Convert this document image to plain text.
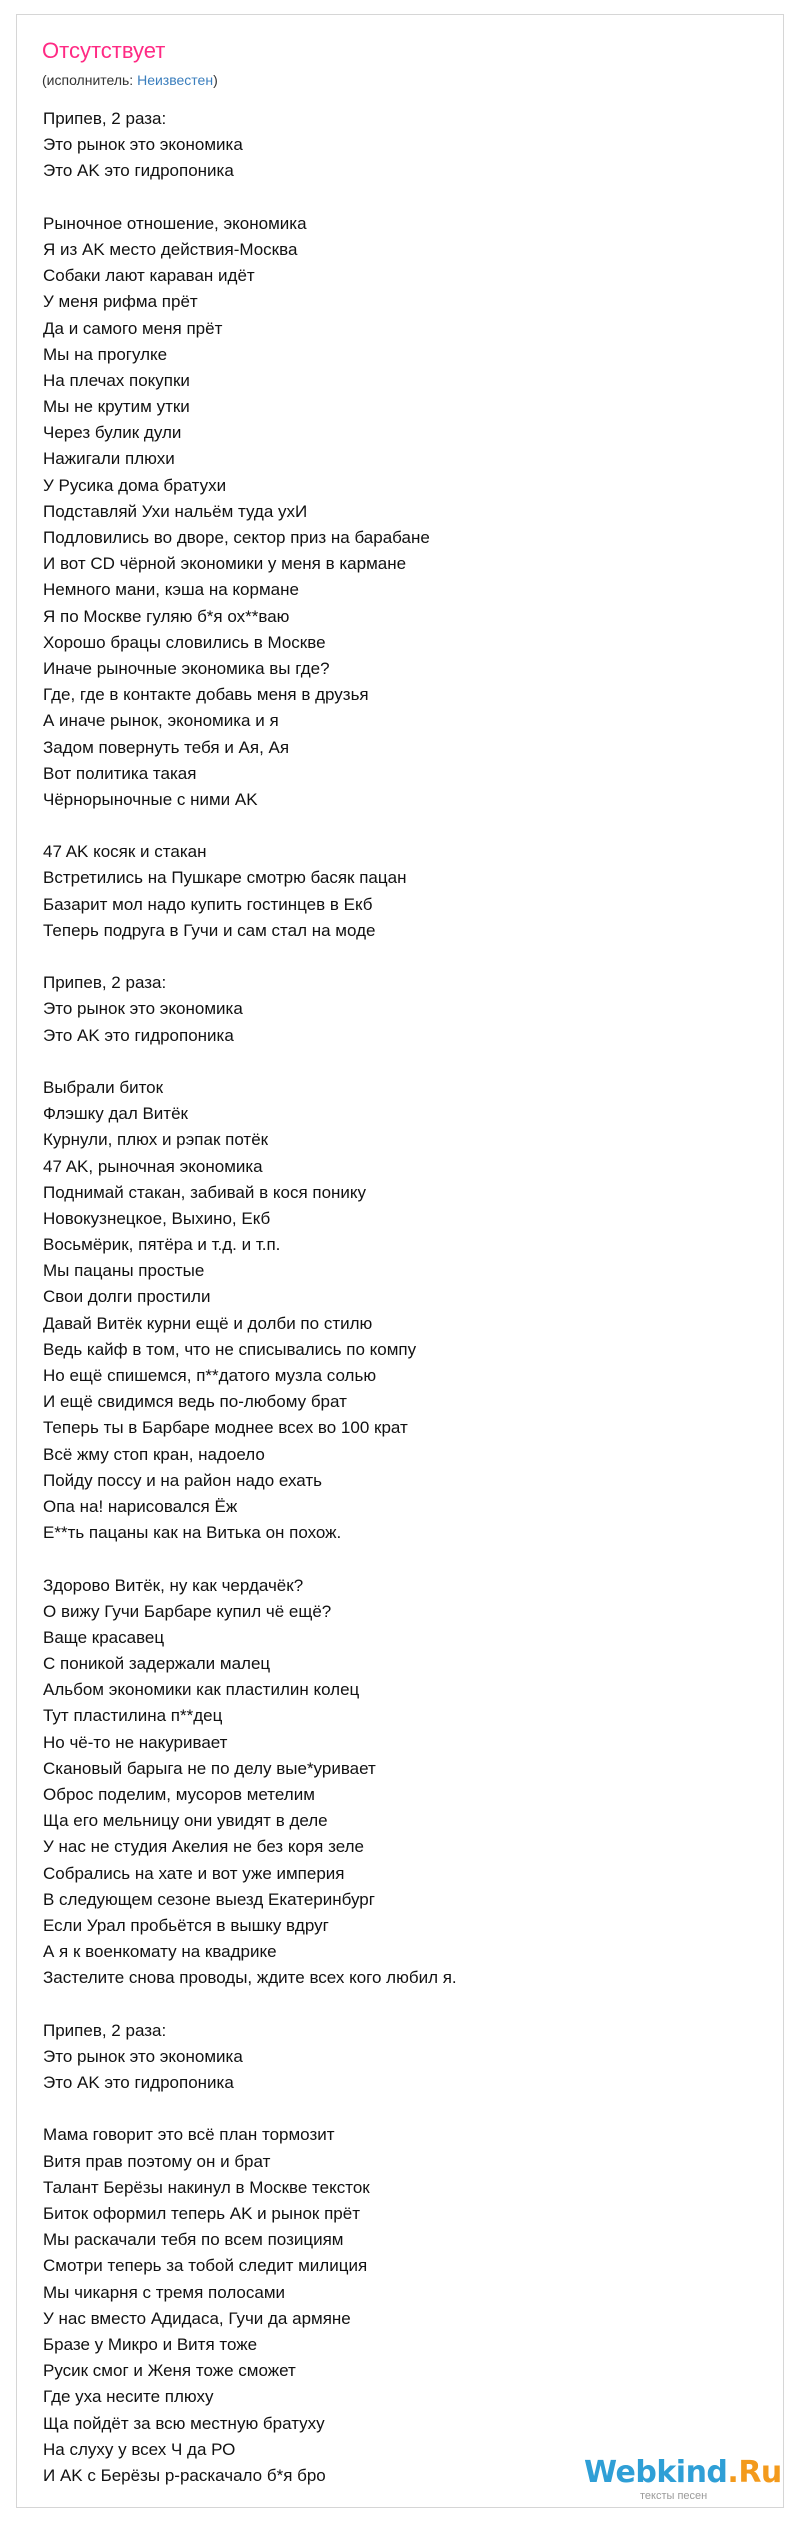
Отсутствует
(исполнитель: Неизвестен)
Припев, 2 раза:
Это рынок это экономика
Это AK это гидропоника
Рыночное отношение, экономика
Я из AK место действия-Москва
Собаки лают караван идёт
У меня рифма прёт
Да и самого меня прёт
Мы на прогулке
На плечах покупки
Мы не крутим утки
Через булик дули
Нажигали плюхи
У Русика дома братухи
Подставляй Ухи нальём туда ухИ
Подловились во дворе, сектор приз на барабане
И вот CD чёрной экономики у меня в кармане
Немного мани, кэша на кормане
Я по Москве гуляю б*я ох**ваю
Хорошо брацы словились в Москве
Иначе рыночные экономика вы где?
Где, где в контакте добавь меня в друзья
А иначе рынок, экономика и я
Задом повернуть тебя и Ая, Ая
Вот политика такая
Чёрнорыночные с ними AK
47 AK косяк и стакан
Встретились на Пушкаре смотрю басяк пацан
Базарит мол надо купить гостинцев в Екб
Теперь подруга в Гучи и сам стал на моде
Припев, 2 раза:
Это рынок это экономика
Это AK это гидропоника
Выбрали биток
Флэшку дал Витёк
Курнули, плюх и рэпак потёк
47 AK, рыночная экономика
Поднимай стакан, забивай в кося понику
Новокузнецкое, Выхино, Екб
Восьмёрик, пятёра и т.д. и т.п.
Мы пацаны простые
Свои долги простили
Давай Витёк курни ещё и долби по стилю
Ведь кайф в том, что не списывались по компу
Но ещё спишемся, п**датого музла солью
И ещё свидимся ведь по-любому брат
Теперь ты в Барбаре моднее всех во 100 крат
Всё жму стоп кран, надоело
Пойду поссу и на район надо ехать
Опа на! нарисовался Ёж
Е**ть пацаны как на Витька он похож.
Здорово Витёк, ну как чердачёк?
О вижу Гучи Барбаре купил чё ещё?
Ваще красавец
С поникой задержали малец
Альбом экономики как пластилин колец
Тут пластилина п**дец
Но чё-то не накуривает
Скановый барыга не по делу вые*уривает
Оброс поделим, мусоров метелим
Ща его мельницу они увидят в деле
У нас не студия Акелия не без коря зеле
Собрались на хате и вот уже империя
В следующем сезоне выезд Екатеринбург
Если Урал пробьётся в вышку вдруг
А я к военкомату на квадрике
Застелите снова проводы, ждите всех кого любил я.
Припев, 2 раза:
Это рынок это экономика
Это AK это гидропоника
Мама говорит это всё план тормозит
Витя прав поэтому он и брат
Талант Берёзы накинул в Москве тексток
Биток оформил теперь AK и рынок прёт
Мы раскачали тебя по всем позициям
Смотри теперь за тобой следит милиция
Мы чикарня с тремя полосами
У нас вместо Адидаса, Гучи да армяне
Бразе у Микро и Витя тоже
Русик смог и Женя тоже сможет
Где уха несите плюху
Ща пойдёт за всю местную братуху
На слуху у всех Ч да РО
И AK с Берёзы р-раскачало б*я бро	Webkind.Ru
тексты песен
